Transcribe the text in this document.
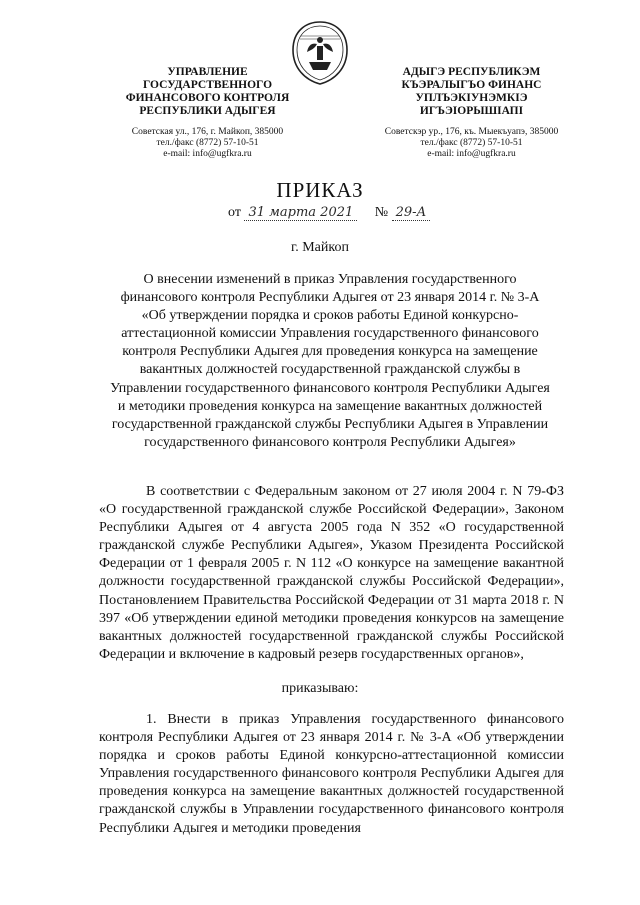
УПРАВЛЕНИЕ
ГОСУДАРСТВЕННОГО
ФИНАНСОВОГО КОНТРОЛЯ
РЕСПУБЛИКИ АДЫГЕЯ
Советская ул., 176, г. Майкоп, 385000
тел./факс (8772) 57-10-51
e-mail: info@ugfkra.ru
АДЫГЭ РЕСПУБЛИКЭМ
КЪЭРАЛЫГЪО ФИНАНС
УПЛЪЭКIУНЭМКIЭ
ИГЪЭIОРЫШIАПI
Советскэр ур., 176, къ. Мыекъуапэ, 385000
тел./факс (8772) 57-10-51
e-mail: info@ugfkra.ru
ПРИКАЗ
от 31 марта 2021 № 29-А
г. Майкоп
О внесении изменений в приказ Управления государственного
финансового контроля Республики Адыгея от 23 января 2014 г. № 3-А
«Об утверждении порядка и сроков работы Единой конкурсно-
аттестационной комиссии Управления государственного финансового
контроля Республики Адыгея для проведения конкурса на замещение
вакантных должностей государственной гражданской службы в
Управлении государственного финансового контроля Республики Адыгея
и методики проведения конкурса на замещение вакантных должностей
государственной гражданской службы Республики Адыгея в Управлении
государственного финансового контроля Республики Адыгея»
В соответствии с Федеральным законом от 27 июля 2004 г. N 79-ФЗ «О государственной гражданской службе Российской Федерации», Законом Республики Адыгея от 4 августа 2005 года N 352 «О государственной гражданской службе Республики Адыгея», Указом Президента Российской Федерации от 1 февраля 2005 г. N 112 «О конкурсе на замещение вакантной должности государственной гражданской службы Российской Федерации», Постановлением Правительства Российской Федерации от 31 марта 2018 г. N 397 «Об утверждении единой методики проведения конкурсов на замещение вакантных должностей государственной гражданской службы Российской Федерации и включение в кадровый резерв государственных органов»,
приказываю:
1. Внести в приказ Управления государственного финансового контроля Республики Адыгея от 23 января 2014 г. № 3-А «Об утверждении порядка и сроков работы Единой конкурсно-аттестационной комиссии Управления государственного финансового контроля Республики Адыгея для проведения конкурса на замещение вакантных должностей государственной гражданской службы в Управлении государственного финансового контроля Республики Адыгея и методики проведения
